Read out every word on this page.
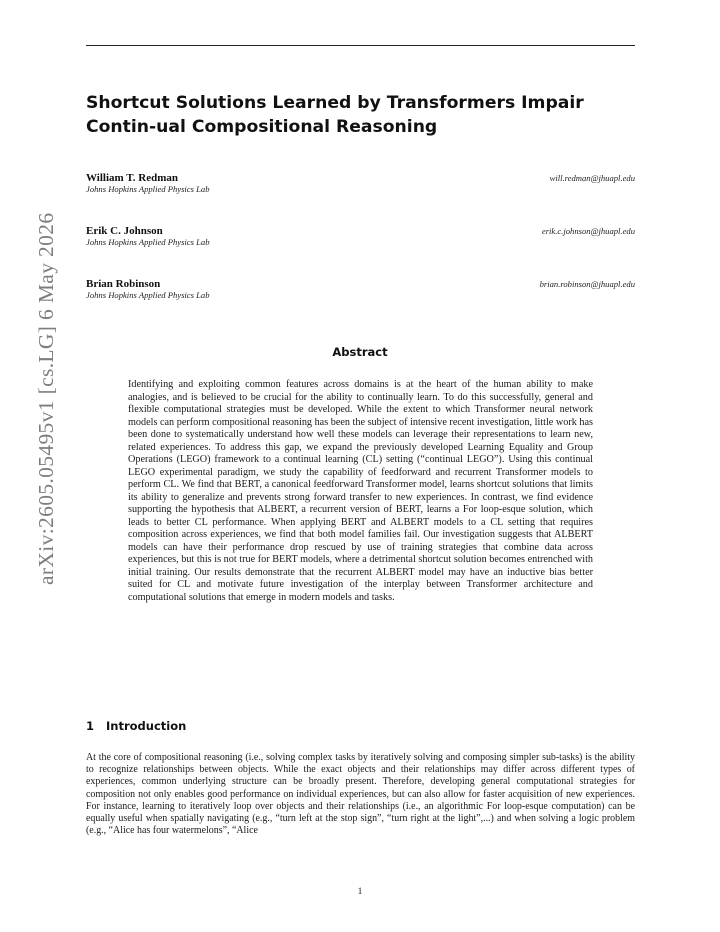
arXiv:2605.05495v1 [cs.LG] 6 May 2026
Shortcut Solutions Learned by Transformers Impair Contin-ual Compositional Reasoning
William T. Redman
Johns Hopkins Applied Physics Lab
will.redman@jhuapl.edu
Erik C. Johnson
Johns Hopkins Applied Physics Lab
erik.c.johnson@jhuapl.edu
Brian Robinson
Johns Hopkins Applied Physics Lab
brian.robinson@jhuapl.edu
Abstract

Identifying and exploiting common features across domains is at the heart of the human ability to make analogies, and is believed to be crucial for the ability to continually learn. To do this successfully, general and flexible computational strategies must be developed. While the extent to which Transformer neural network models can perform compositional reasoning has been the subject of intensive recent investigation, little work has been done to systematically understand how well these models can leverage their representations to learn new, related experiences. To address this gap, we expand the previously developed Learning Equality and Group Operations (LEGO) framework to a continual learning (CL) setting (“continual LEGO”). Using this continual LEGO experimental paradigm, we study the capability of feedforward and recurrent Transformer models to perform CL. We find that BERT, a canonical feedforward Transformer model, learns shortcut solutions that limits its ability to generalize and prevents strong forward transfer to new experiences. In contrast, we find evidence supporting the hypothesis that ALBERT, a recurrent version of BERT, learns a For loop-esque solution, which leads to better CL performance. When applying BERT and ALBERT models to a CL setting that requires composition across experiences, we find that both model families fail. Our investigation suggests that ALBERT models can have their performance drop rescued by use of training strategies that combine data across experiences, but this is not true for BERT models, where a detrimental shortcut solution becomes entrenched with initial training. Our results demonstrate that the recurrent ALBERT model may have an inductive bias better suited for CL and motivate future investigation of the interplay between Transformer architecture and computational solutions that emerge in modern models and tasks.

1 Introduction

At the core of compositional reasoning (i.e., solving complex tasks by iteratively solving and composing simpler sub-tasks) is the ability to recognize relationships between objects. While the exact objects and their relationships may differ across different types of experiences, common underlying structure can be broadly present. Therefore, developing general computational strategies for composition not only enables good performance on individual experiences, but can also allow for faster acquisition of new experiences. For instance, learning to iteratively loop over objects and their relationships (i.e., an algorithmic For loop-esque computation) can be equally useful when spatially navigating (e.g., “turn left at the stop sign”, “turn right at the light”,...) and when solving a logic problem (e.g., “Alice has four watermelons”, “Alice

1
